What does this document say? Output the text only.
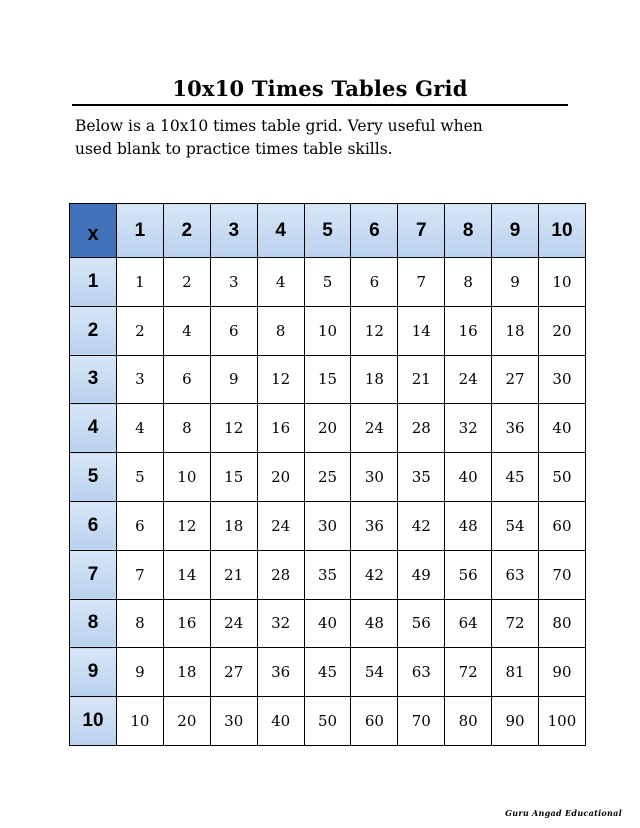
10x10 Times Tables Grid
Below is a 10x10 times table grid. Very useful when
used blank to practice times table skills.
x	1	2	3	4	5	6	7	8	9	10
1	1	2	3	4	5	6	7	8	9	10
2	2	4	6	8	10	12	14	16	18	20
3	3	6	9	12	15	18	21	24	27	30
4	4	8	12	16	20	24	28	32	36	40
5	5	10	15	20	25	30	35	40	45	50
6	6	12	18	24	30	36	42	48	54	60
7	7	14	21	28	35	42	49	56	63	70
8	8	16	24	32	40	48	56	64	72	80
9	9	18	27	36	45	54	63	72	81	90
10	10	20	30	40	50	60	70	80	90	100
Guru Angad Educational
